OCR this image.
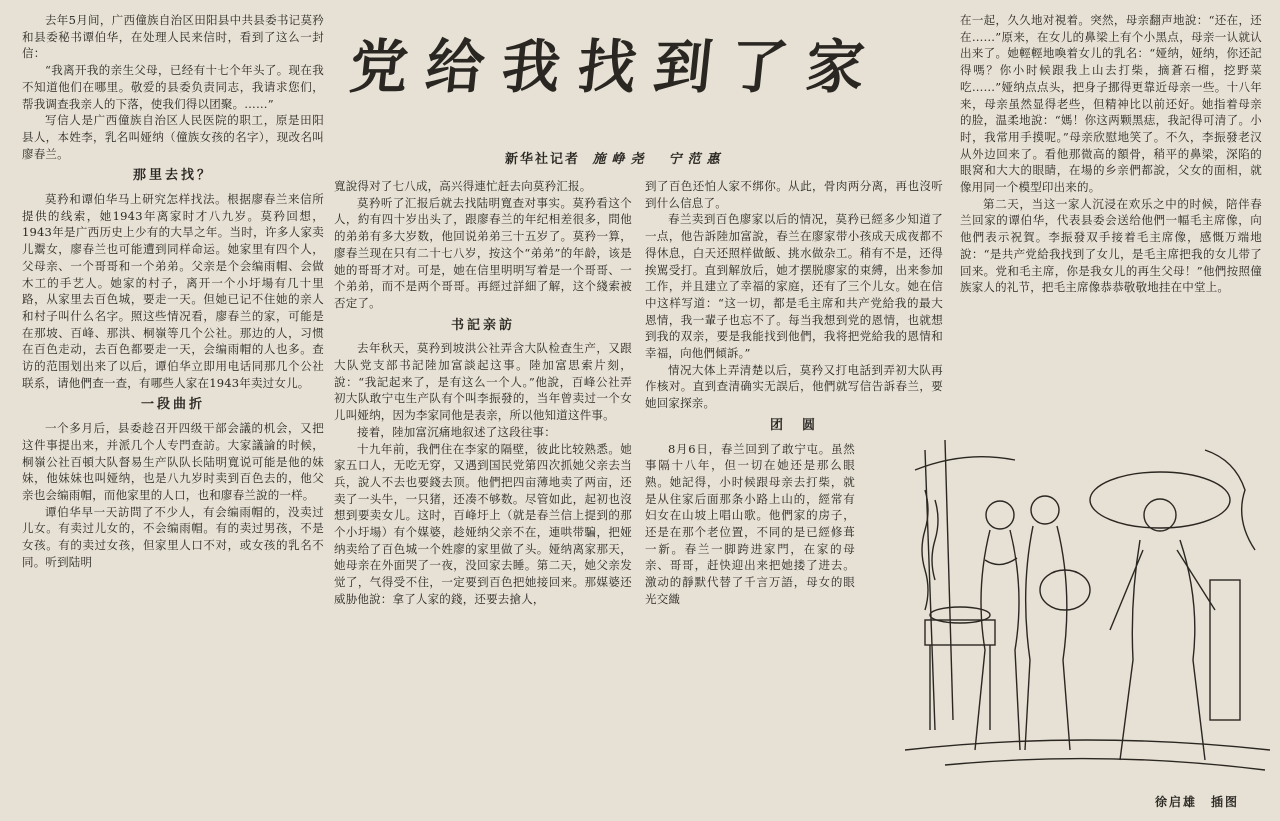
去年5月间，广西僮族自治区田阳县中共县委书记莫矜和县委秘书谭伯华，在处理人民来信时，看到了这么一封信：

“我离开我的亲生父母，已经有十七个年头了。现在我不知道他们在哪里。敬爱的县委负责同志，我请求您们，帮我调查我亲人的下落，使我们得以团聚。……”

写信人是广西僮族自治区人民医院的职工，原是田阳县人，本姓李，乳名叫娅纳（僮族女孩的名字），现改名叫廖春兰。

那里去找？

莫矜和谭伯华马上研究怎样找法。根据廖春兰来信所提供的线索，她1943年离家时才八九岁。莫矜回想，1943年是广西历史上少有的大旱之年。当时，许多人家卖儿鬻女，廖春兰也可能遭到同样命运。她家里有四个人，父母亲、一个哥哥和一个弟弟。父亲是个会编雨帽、会做木工的手艺人。她家的村子，离开一个小圩場有几十里路，从家里去百色城，要走一天。但她已记不住她的亲人和村子叫什么名字。照这些情况看，廖春兰的家，可能是在那坡、百峰、那洪、桐嶺等几个公社。那边的人，习惯在百色走动，去百色都要走一天，会编雨帽的人也多。查访的范围划出来了以后，谭伯华立即用电话同那几个公社联系，请他們查一查，有哪些人家在1943年卖过女儿。

一段曲折

一个多月后，县委趁召开四级干部会議的机会，又把这件事提出来，并派几个人专門查訪。大家議論的时候，桐嶺公社百頓大队督易生产队队长陆明寬说可能是他的妹妹，他妹妹也叫娅纳，也是八九岁时卖到百色去的，他父亲也会编雨帽，而他家里的人口，也和廖春兰說的一样。

谭伯华早一天訪問了不少人，有会编雨帽的，没卖过儿女。有卖过儿女的，不会编雨帽。有的卖过男孩，不是女孩。有的卖过女孩，但家里人口不对，或女孩的乳名不同。听到陆明

党给我找到了家
新华社记者 施峥尧　宁范惠

寬說得对了七八成，高兴得連忙赶去向莫矜汇报。

莫矜听了汇报后就去找陆明寬查对事实。莫矜看这个人，約有四十岁出头了，跟廖春兰的年纪相差很多，問他的弟弟有多大岁数，他回说弟弟三十五岁了。莫矜一算，廖春兰现在只有二十七八岁，按这个“弟弟”的年龄，该是她的哥哥才对。可是，她在信里明明写着是一个哥哥、一个弟弟，而不是两个哥哥。再經过詳細了解，这个綫索被否定了。

书記亲訪

去年秋天，莫矜到坡洪公社弄含大队检查生产，又跟大队党支部书記陸加富談起这事。陸加富思索片刻，說：“我記起来了，是有这么一个人。”他說，百峰公社弄初大队敢宁屯生产队有个叫李振發的，当年曾卖过一个女儿叫娅纳，因为李家同他是表亲，所以他知道这件事。

接着，陸加富沉痛地叙述了这段往事：

十九年前，我們住在李家的隔壁，彼此比较熟悉。她家五口人，无吃无穿，又遇到国民党第四次抓她父亲去当兵，說人不去也要錢去顶。他們把四亩薄地卖了两亩，还卖了一头牛，一只猪，还凑不够数。尽管如此，起初也沒想到要卖女儿。这时，百峰圩上（就是春兰信上提到的那个小圩場）有个媒婆，趁娅纳父亲不在，連哄带騙，把娅纳卖给了百色城一个姓廖的家里做了头。娅纳离家那天，她母亲在外面哭了一夜，没回家去睡。第二天，她父亲发觉了，气得受不住，一定要到百色把她接回来。那媒婆还威胁他說：拿了人家的錢，还要去搶人，

到了百色还怕人家不绑你。从此，骨肉两分离，再也沒听到什么信息了。

春兰卖到百色廖家以后的情况，莫矜已經多少知道了一点，他告訴陸加富說，春兰在廖家带小孩成天成夜都不得休息，白天还照样做飯、挑水做杂工。稍有不是，还得挨駡受打。直到解放后，她才摆脱廖家的束縛，出来参加工作，并且建立了幸福的家庭，还有了三个儿女。她在信中这样写道：“这一切，都是毛主席和共产党給我的最大恩情，我一輩子也忘不了。每当我想到党的恩情，也就想到我的双亲，要是我能找到他們，我将把党給我的恩情和幸福，向他們傾訴。”

情况大体上弄清楚以后，莫矜又打电話到弄初大队再作核对。直到查清确实无誤后，他們就写信告訴春兰，要她回家探亲。

团　圆

8月6日，春兰回到了敢宁屯。虽然事隔十八年，但一切在她还是那么眼熟。她記得，小时候跟母亲去打柴，就是从住家后面那条小路上山的，經常有妇女在山坡上唱山歌。他們家的房子，还是在那个老位置，不同的是已經修葺一新。春兰一脚跨进家門，在家的母亲、哥哥，赶快迎出来把她搂了进去。激动的靜默代替了千言万語，母女的眼光交織

在一起，久久地对視着。突然，母亲翻声地說：“还在，还在……”原来，在女儿的鼻梁上有个小黑点，母亲一认就认出来了。她輕輕地喚着女儿的乳名：“娅纳，娅纳，你还記得嗎？你小时候跟我上山去打柴，摘蒼石榴，挖野菜吃……”娅纳点点头，把身子挪得更靠近母亲一些。十八年来，母亲虽然显得老些，但精神比以前还好。她指着母亲的脸，温柔地說：“媽！你这两颗黑痣，我記得可清了。小时，我常用手摸呢。”母亲欣慰地笑了。不久，李振發老汉从外边回来了。看他那微高的額骨，稍平的鼻梁，深陷的眼窝和大大的眼睛，在場的乡亲們都說，父女的面相，就像用同一个模型印出来的。

第二天，当这一家人沉浸在欢乐之中的时候，陪伴春兰回家的谭伯华，代表县委会送给他們一幅毛主席像，向他們表示祝賀。李振發双手接着毛主席像，感慨万端地說：“是共产党給我找到了女儿，是毛主席把我的女儿带了回来。党和毛主席，你是我女儿的再生父母！”他們按照僮族家人的礼节，把毛主席像恭恭敬敬地挂在中堂上。

徐启雄　插图
